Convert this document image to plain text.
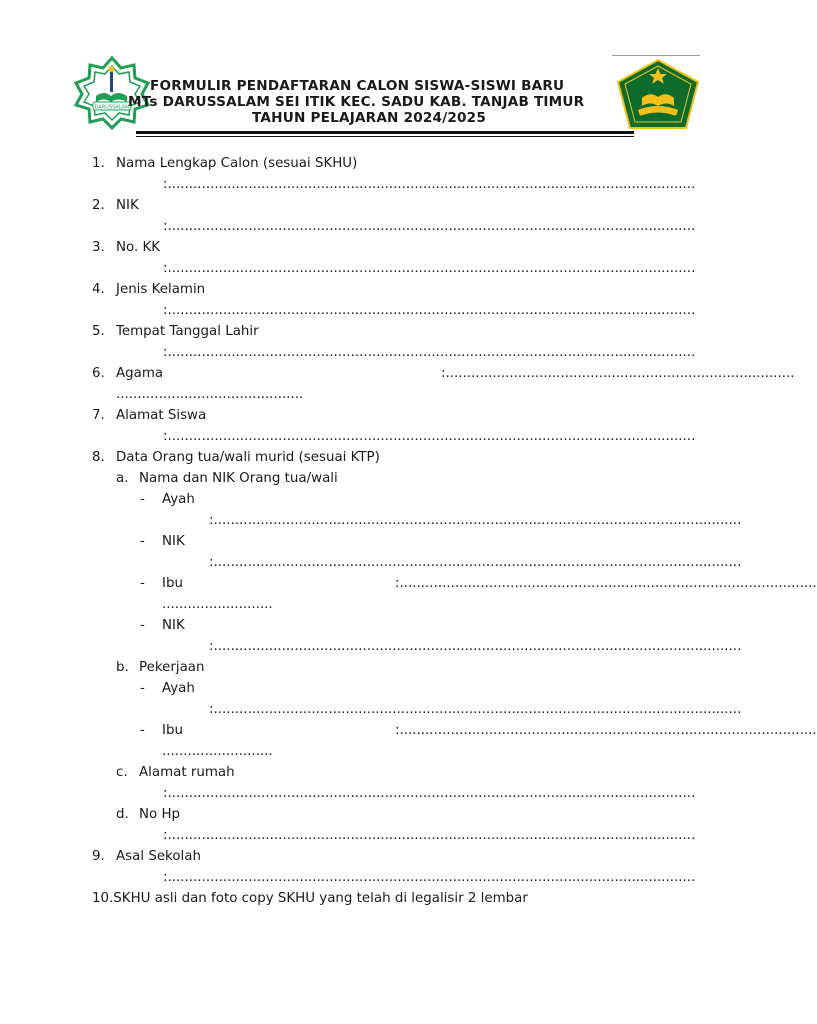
DARUSSALAM
IKHLAS BERAMAL
FORMULIR PENDAFTARAN CALON SISWA-SISWI BARU
MTs DARUSSALAM SEI ITIK KEC. SADU KAB. TANJAB TIMUR
TAHUN PELAJARAN 2024/2025
1. Nama Lengkap Calon (sesuai SKHU)
:............................................................................................................................
2. NIK
:............................................................................................................................
3. No. KK
:............................................................................................................................
4. Jenis Kelamin
:............................................................................................................................
5. Tempat Tanggal Lahir
:............................................................................................................................
6. Agama	:..................................................................................
............................................
7. Alamat Siswa
:............................................................................................................................
8. Data Orang tua/wali murid (sesuai KTP)
a. Nama dan NIK Orang tua/wali
- Ayah
:............................................................................................................................
- NIK
:............................................................................................................................
- Ibu	:..................................................................................................
..........................
- NIK
:............................................................................................................................
b. Pekerjaan
- Ayah
:............................................................................................................................
- Ibu	:..................................................................................................
..........................
c. Alamat rumah
:............................................................................................................................
d. No Hp
:............................................................................................................................
9. Asal Sekolah
:............................................................................................................................
10.SKHU asli dan foto copy SKHU yang telah di legalisir 2 lembar
